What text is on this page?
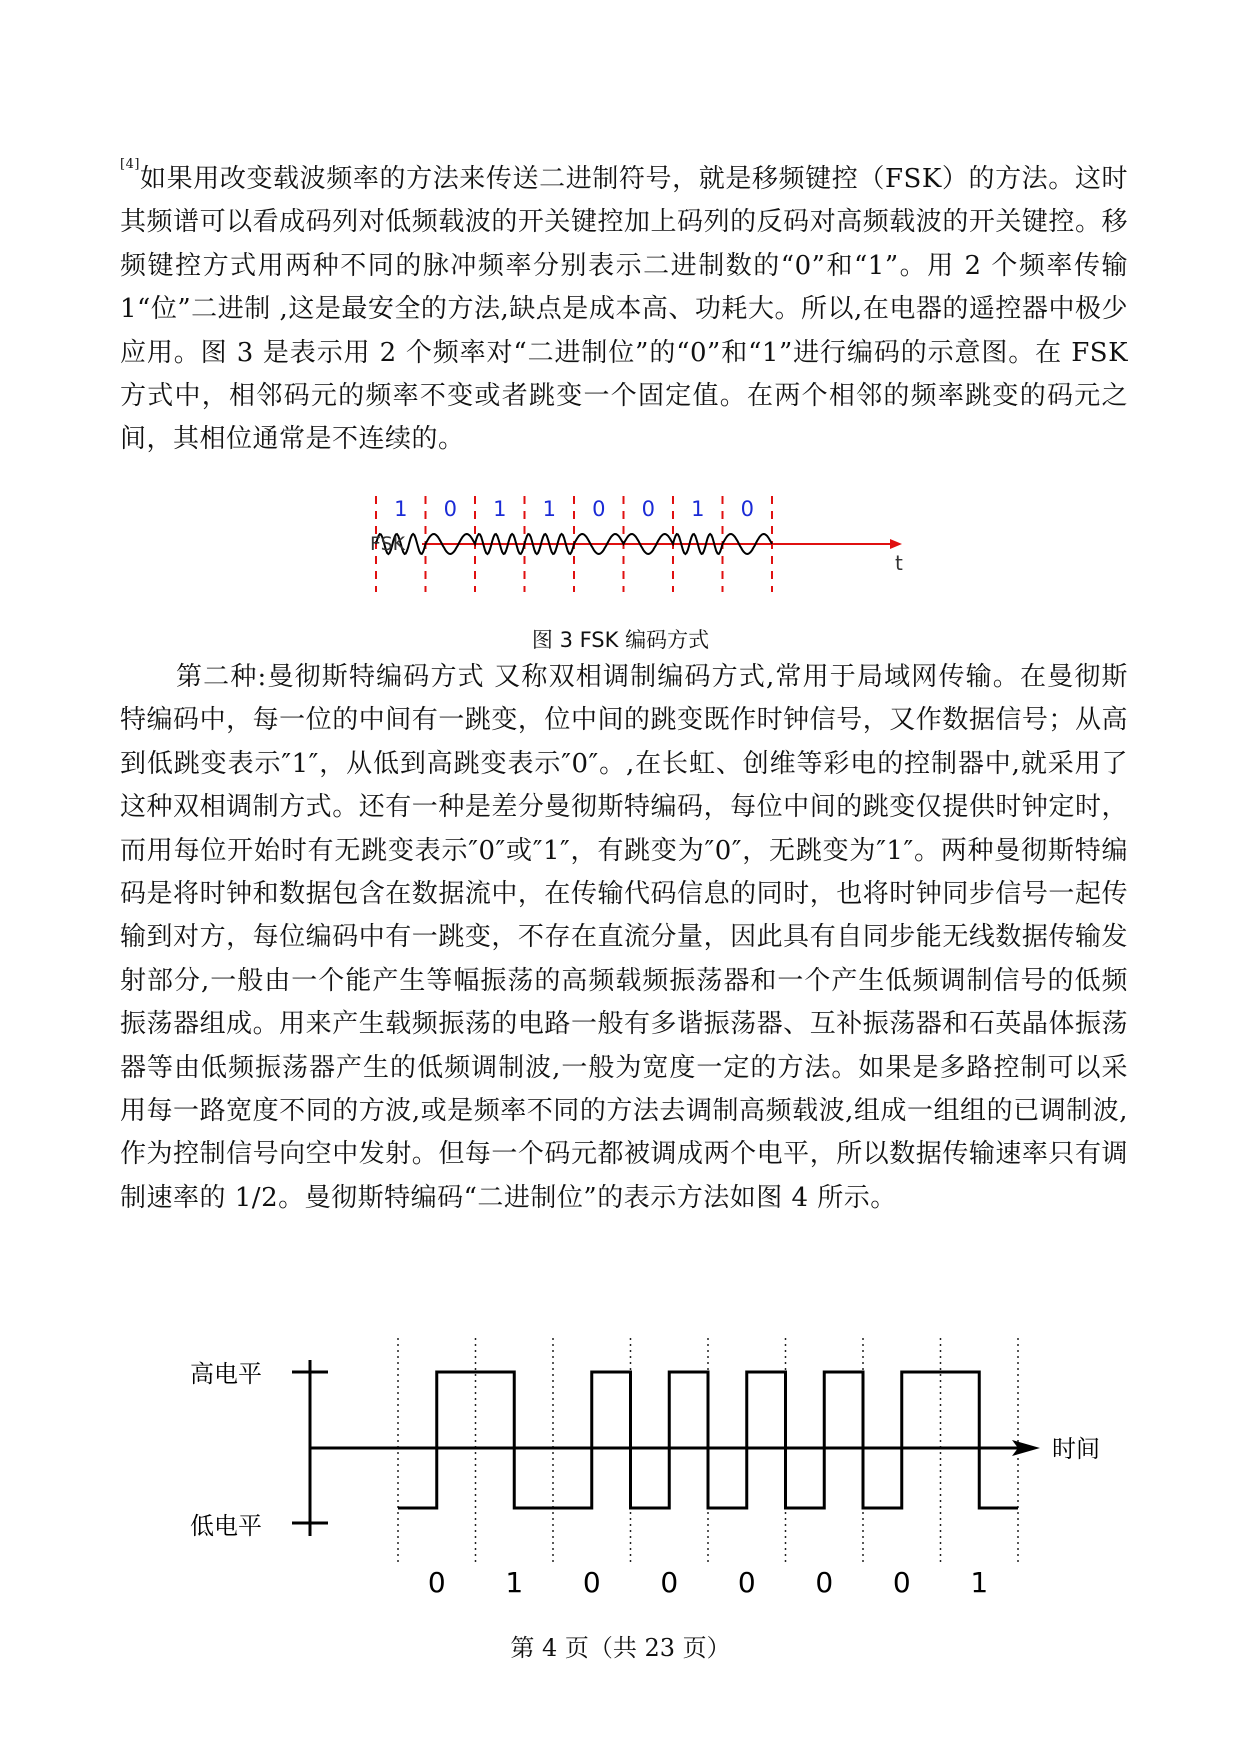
[4]如果用改变载波频率的方法来传送二进制符号，就是移频键控（FSK）的方法。这时其频谱可以看成码列对低频载波的开关键控加上码列的反码对高频载波的开关键控。移频键控方式用两种不同的脉冲频率分别表示二进制数的“0”和“1”。用 2 个频率传输 1“位”二进制 ,这是最安全的方法,缺点是成本高、功耗大。所以,在电器的遥控器中极少应用。图 3 是表示用 2 个频率对“二进制位”的“0”和“1”进行编码的示意图。在 FSK 方式中，相邻码元的频率不变或者跳变一个固定值。在两个相邻的频率跳变的码元之间，其相位通常是不连续的。
1 0 1 1 0 0 1 0
FSK
t
图 3 FSK 编码方式
第二种:曼彻斯特编码方式 又称双相调制编码方式,常用于局域网传输。在曼彻斯特编码中，每一位的中间有一跳变，位中间的跳变既作时钟信号，又作数据信号；从高到低跳变表示″1″，从低到高跳变表示″0″。,在长虹、创维等彩电的控制器中,就采用了这种双相调制方式。还有一种是差分曼彻斯特编码，每位中间的跳变仅提供时钟定时，而用每位开始时有无跳变表示″0″或″1″，有跳变为″0″，无跳变为″1″。两种曼彻斯特编码是将时钟和数据包含在数据流中，在传输代码信息的同时，也将时钟同步信号一起传输到对方，每位编码中有一跳变，不存在直流分量，因此具有自同步能无线数据传输发射部分,一般由一个能产生等幅振荡的高频载频振荡器和一个产生低频调制信号的低频振荡器组成。用来产生载频振荡的电路一般有多谐振荡器、互补振荡器和石英晶体振荡器等由低频振荡器产生的低频调制波,一般为宽度一定的方法。如果是多路控制可以采用每一路宽度不同的方波,或是频率不同的方法去调制高频载波,组成一组组的已调制波,作为控制信号向空中发射。但每一个码元都被调成两个电平，所以数据传输速率只有调制速率的 1/2。曼彻斯特编码“二进制位”的表示方法如图 4 所示。
0 1 0 0 0 0 0 1
高电平
低电平
时间
第 4 页（共 23 页）
